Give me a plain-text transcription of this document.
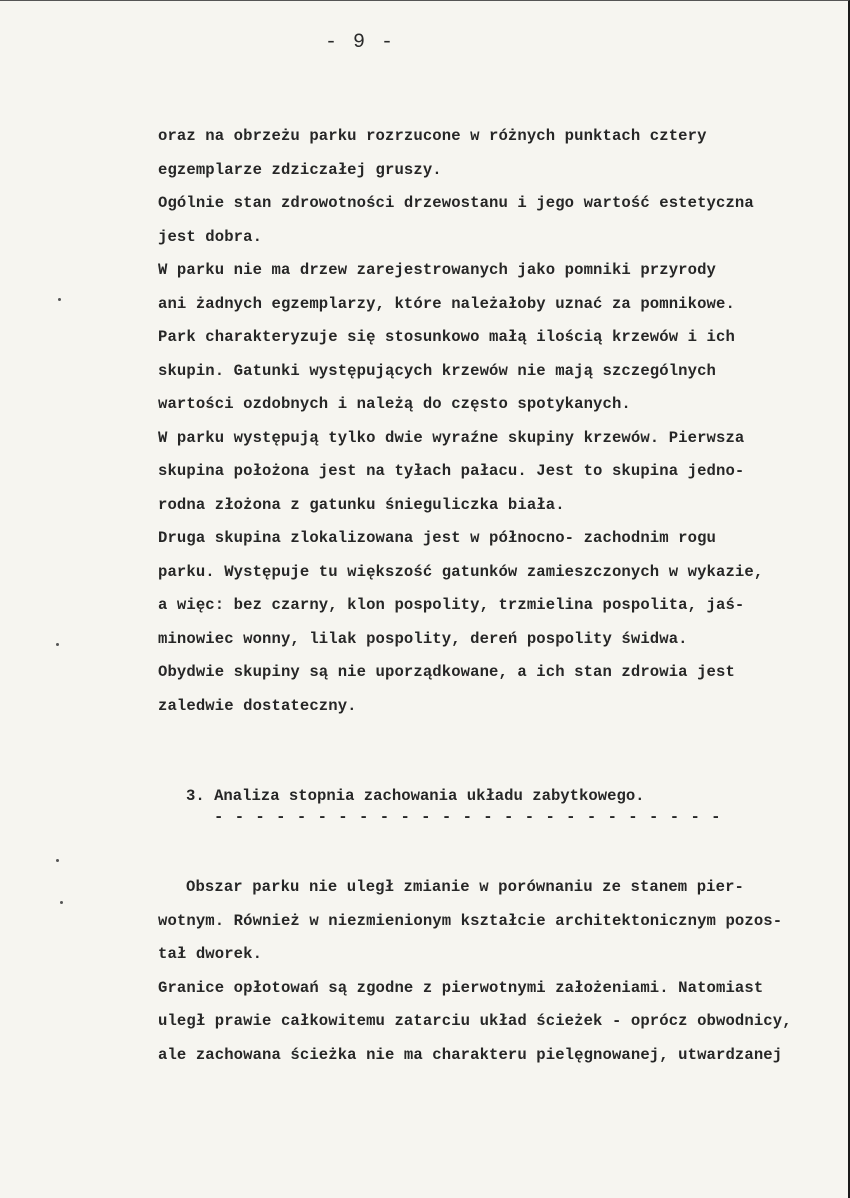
- 9 -
oraz na obrzeżu parku rozrzucone w różnych punktach cztery
egzemplarze zdziczałej gruszy.
Ogólnie stan zdrowotności drzewostanu i jego wartość estetyczna
jest dobra.
W parku nie ma drzew zarejestrowanych jako pomniki przyrody
ani żadnych egzemplarzy, które należałoby uznać za pomnikowe.
Park charakteryzuje się stosunkowo małą ilością krzewów i ich
skupin. Gatunki występujących krzewów nie mają szczególnych
wartości ozdobnych i należą do często spotykanych.
W parku występują tylko dwie wyraźne skupiny krzewów. Pierwsza
skupina położona jest na tyłach pałacu. Jest to skupina jedno-
rodna złożona z gatunku śnieguliczka biała.
Druga skupina zlokalizowana jest w północno- zachodnim rogu
parku. Występuje tu większość gatunków zamieszczonych w wykazie,
a więc: bez czarny, klon pospolity, trzmielina pospolita, jaś-
minowiec wonny, lilak pospolity, dereń pospolity świdwa.
Obydwie skupiny są nie uporządkowane, a ich stan zdrowia jest
zaledwie dostateczny.
3. Analiza stopnia zachowania układu zabytkowego.
- - - - - - - - - - - - - - - - - - - - - - - - -
Obszar parku nie uległ zmianie w porównaniu ze stanem pier-
wotnym. Również w niezmienionym kształcie architektonicznym pozos-
tał dworek.
Granice opłotowań są zgodne z pierwotnymi założeniami. Natomiast
uległ prawie całkowitemu zatarciu układ ścieżek - oprócz obwodnicy,
ale zachowana ścieżka nie ma charakteru pielęgnowanej, utwardzanej
